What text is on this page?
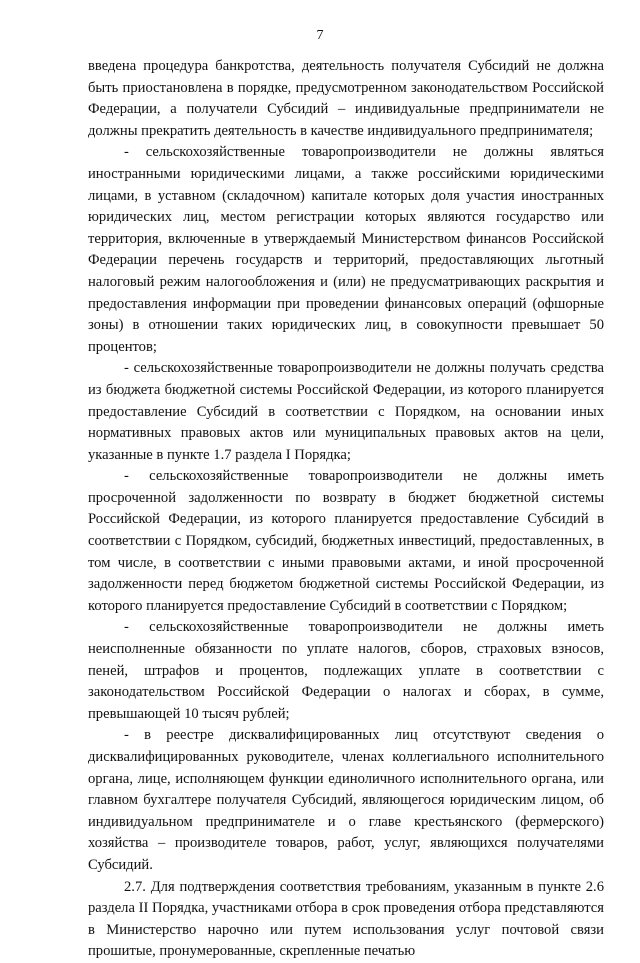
7

введена процедура банкротства, деятельность получателя Субсидий не должна быть приостановлена в порядке, предусмотренном законодательством Российской Федерации, а получатели Субсидий – индивидуальные предприниматели не должны прекратить деятельность в качестве индивидуального предпринимателя;

- сельскохозяйственные товаропроизводители не должны являться иностранными юридическими лицами, а также российскими юридическими лицами, в уставном (складочном) капитале которых доля участия иностранных юридических лиц, местом регистрации которых являются государство или территория, включенные в утверждаемый Министерством финансов Российской Федерации перечень государств и территорий, предоставляющих льготный налоговый режим налогообложения и (или) не предусматривающих раскрытия и предоставления информации при проведении финансовых операций (офшорные зоны) в отношении таких юридических лиц, в совокупности превышает 50 процентов;

- сельскохозяйственные товаропроизводители не должны получать средства из бюджета бюджетной системы Российской Федерации, из которого планируется предоставление Субсидий в соответствии с Порядком, на основании иных нормативных правовых актов или муниципальных правовых актов на цели, указанные в пункте 1.7 раздела I Порядка;

- сельскохозяйственные товаропроизводители не должны иметь просроченной задолженности по возврату в бюджет бюджетной системы Российской Федерации, из которого планируется предоставление Субсидий в соответствии с Порядком, субсидий, бюджетных инвестиций, предоставленных, в том числе, в соответствии с иными правовыми актами, и иной просроченной задолженности перед бюджетом бюджетной системы Российской Федерации, из которого планируется предоставление Субсидий в соответствии с Порядком;

- сельскохозяйственные товаропроизводители не должны иметь неисполненные обязанности по уплате налогов, сборов, страховых взносов, пеней, штрафов и процентов, подлежащих уплате в соответствии с законодательством Российской Федерации о налогах и сборах, в сумме, превышающей 10 тысяч рублей;

- в реестре дисквалифицированных лиц отсутствуют сведения о дисквалифицированных руководителе, членах коллегиального исполнительного органа, лице, исполняющем функции единоличного исполнительного органа, или главном бухгалтере получателя Субсидий, являющегося юридическим лицом, об индивидуальном предпринимателе и о главе крестьянского (фермерского) хозяйства – производителе товаров, работ, услуг, являющихся получателями Субсидий.

2.7. Для подтверждения соответствия требованиям, указанным в пункте 2.6 раздела II Порядка, участниками отбора в срок проведения отбора представляются в Министерство нарочно или путем использования услуг почтовой связи прошитые, пронумерованные, скрепленные печатью
